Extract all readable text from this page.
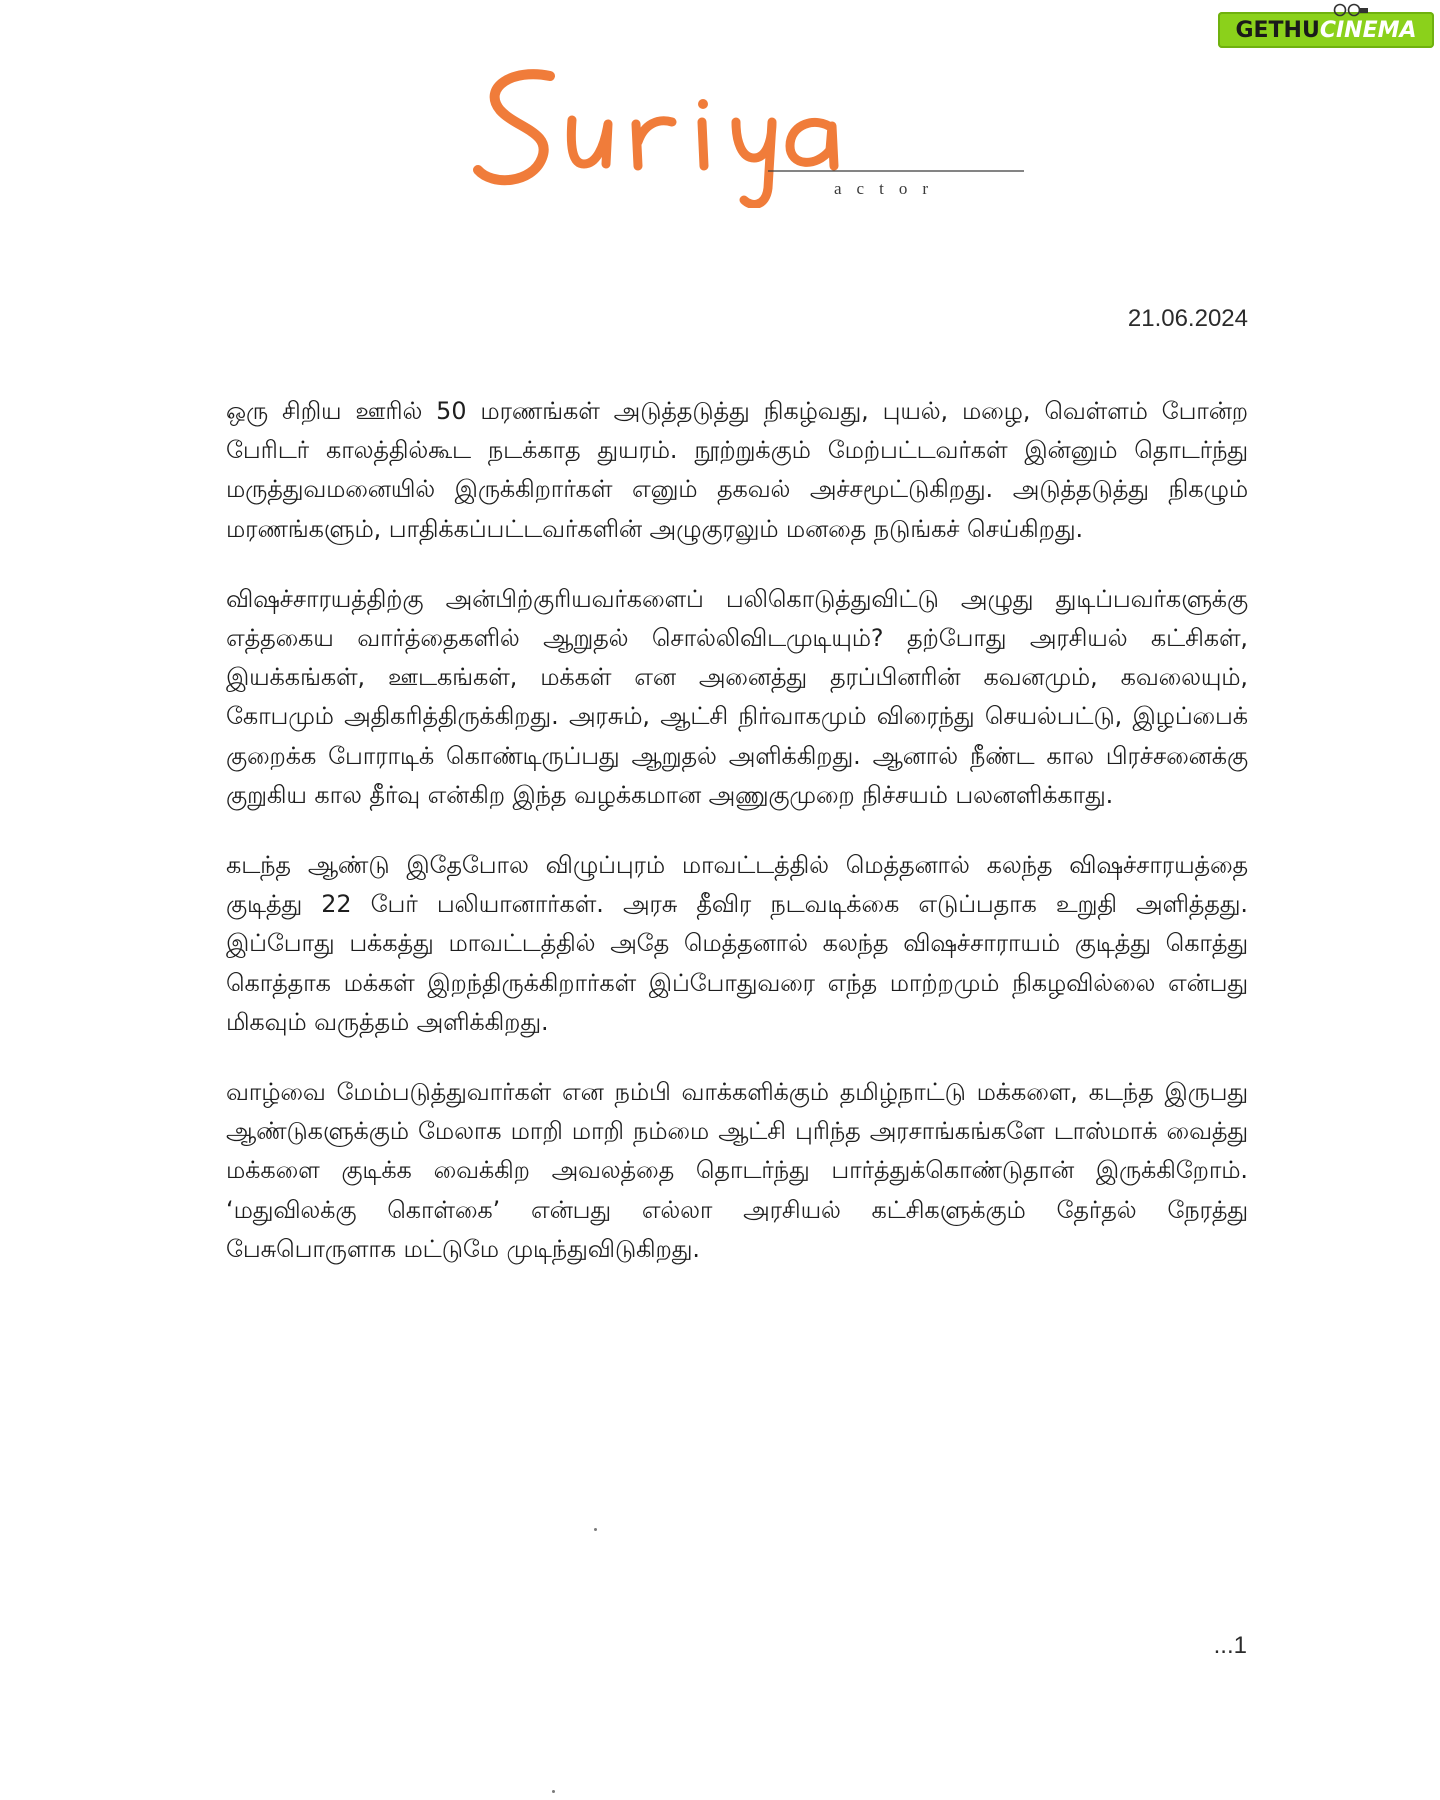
GETHU CINEMA
actor
21.06.2024

ஒரு சிறிய ஊரில் 50 மரணங்கள் அடுத்தடுத்து நிகழ்வது, புயல், மழை, வெள்ளம் போன்ற பேரிடர் காலத்தில்கூட நடக்காத துயரம். நூற்றுக்கும் மேற்பட்டவர்கள் இன்னும் தொடர்ந்து மருத்துவமனையில் இருக்கிறார்கள் எனும் தகவல் அச்சமூட்டுகிறது. அடுத்தடுத்து நிகழும் மரணங்களும், பாதிக்கப்பட்டவர்களின் அழுகுரலும் மனதை நடுங்கச் செய்கிறது.

விஷச்சாரயத்திற்கு அன்பிற்குரியவர்களைப் பலிகொடுத்துவிட்டு அழுது துடிப்பவர்களுக்கு எத்தகைய வார்த்தைகளில் ஆறுதல் சொல்லிவிடமுடியும்? தற்போது அரசியல் கட்சிகள், இயக்கங்கள், ஊடகங்கள், மக்கள் என அனைத்து தரப்பினரின் கவனமும், கவலையும், கோபமும் அதிகரித்திருக்கிறது. அரசும், ஆட்சி நிர்வாகமும் விரைந்து செயல்பட்டு, இழப்பைக் குறைக்க போராடிக் கொண்டிருப்பது ஆறுதல் அளிக்கிறது. ஆனால் நீண்ட கால பிரச்சனைக்கு குறுகிய கால தீர்வு என்கிற இந்த வழக்கமான அணுகுமுறை நிச்சயம் பலனளிக்காது.

கடந்த ஆண்டு இதேபோல விழுப்புரம் மாவட்டத்தில் மெத்தனால் கலந்த விஷச்சாரயத்தை குடித்து 22 பேர் பலியானார்கள். அரசு தீவிர நடவடிக்கை எடுப்பதாக உறுதி அளித்தது. இப்போது பக்கத்து மாவட்டத்தில் அதே மெத்தனால் கலந்த விஷச்சாராயம் குடித்து கொத்து கொத்தாக மக்கள் இறந்திருக்கிறார்கள் இப்போதுவரை எந்த மாற்றமும் நிகழவில்லை என்பது மிகவும் வருத்தம் அளிக்கிறது.

வாழ்வை மேம்படுத்துவார்கள் என நம்பி வாக்களிக்கும் தமிழ்நாட்டு மக்களை, கடந்த இருபது ஆண்டுகளுக்கும் மேலாக மாறி மாறி நம்மை ஆட்சி புரிந்த அரசாங்கங்களே டாஸ்மாக் வைத்து மக்களை குடிக்க வைக்கிற அவலத்தை தொடர்ந்து பார்த்துக்கொண்டுதான் இருக்கிறோம். ‘மதுவிலக்கு கொள்கை’ என்பது எல்லா அரசியல் கட்சிகளுக்கும் தேர்தல் நேரத்து பேசுபொருளாக மட்டுமே முடிந்துவிடுகிறது.

...1
